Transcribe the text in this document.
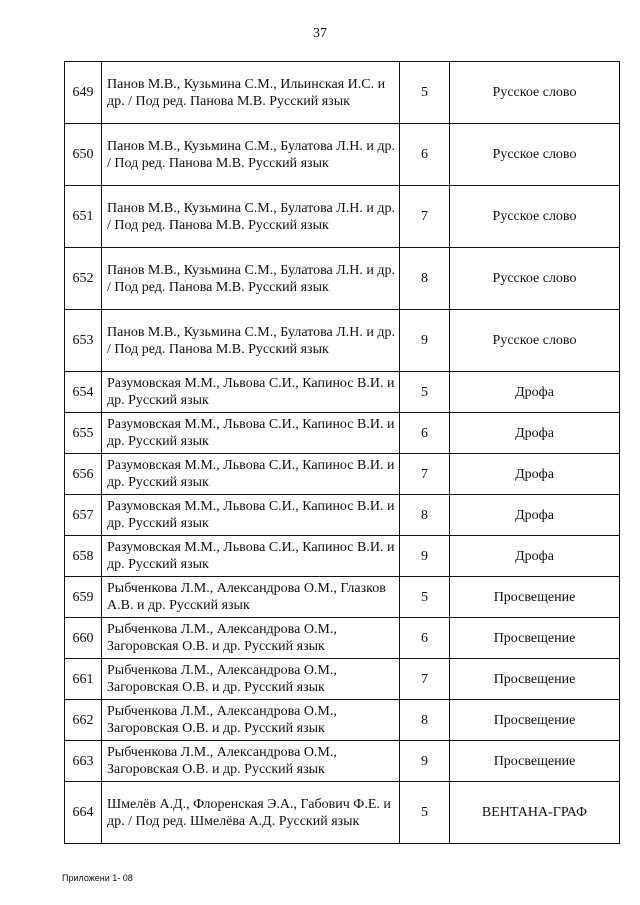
37
649	Панов М.В., Кузьмина С.М., Ильинская И.С. и др. / Под ред. Панова М.В. Русский язык	5	Русское слово
650	Панов М.В., Кузьмина С.М., Булатова Л.Н. и др. / Под ред. Панова М.В. Русский язык	6	Русское слово
651	Панов М.В., Кузьмина С.М., Булатова Л.Н. и др. / Под ред. Панова М.В. Русский язык	7	Русское слово
652	Панов М.В., Кузьмина С.М., Булатова Л.Н. и др. / Под ред. Панова М.В. Русский язык	8	Русское слово
653	Панов М.В., Кузьмина С.М., Булатова Л.Н. и др. / Под ред. Панова М.В. Русский язык	9	Русское слово
654	Разумовская М.М., Львова С.И., Капинос В.И. и др. Русский язык	5	Дрофа
655	Разумовская М.М., Львова С.И., Капинос В.И. и др. Русский язык	6	Дрофа
656	Разумовская М.М., Львова С.И., Капинос В.И. и др. Русский язык	7	Дрофа
657	Разумовская М.М., Львова С.И., Капинос В.И. и др. Русский язык	8	Дрофа
658	Разумовская М.М., Львова С.И., Капинос В.И. и др. Русский язык	9	Дрофа
659	Рыбченкова Л.М., Александрова О.М., Глазков А.В. и др. Русский язык	5	Просвещение
660	Рыбченкова Л.М., Александрова О.М., Загоровская О.В. и др. Русский язык	6	Просвещение
661	Рыбченкова Л.М., Александрова О.М., Загоровская О.В. и др. Русский язык	7	Просвещение
662	Рыбченкова Л.М., Александрова О.М., Загоровская О.В. и др. Русский язык	8	Просвещение
663	Рыбченкова Л.М., Александрова О.М., Загоровская О.В. и др. Русский язык	9	Просвещение
664	Шмелёв А.Д., Флоренская Э.А., Габович Ф.Е. и др. / Под ред. Шмелёва А.Д. Русский язык	5	ВЕНТАНА-ГРАФ
Приложени 1- 08
